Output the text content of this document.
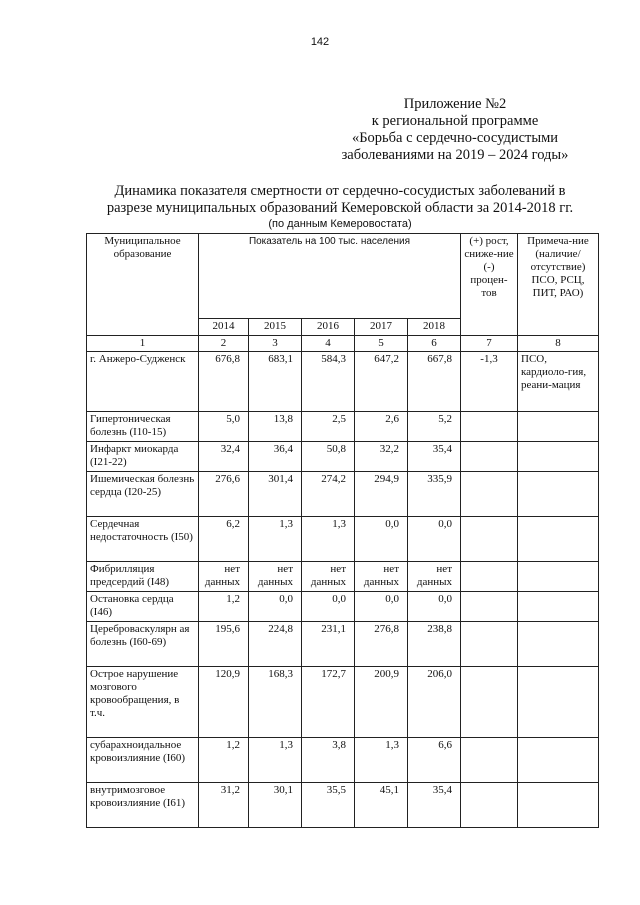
142
Приложение №2
к региональной программе
«Борьба с сердечно-сосудистыми
заболеваниями на 2019 – 2024 годы»
Динамика показателя смертности от сердечно-сосудистых заболеваний в
разрезе муниципальных образований Кемеровской области за 2014-2018 гг.
(по данным Кемеровостата)
Муниципальное образование	Показатель на 100 тыс. населения					(+) рост, сниже-ние (-) процен-тов	Примеча-ние (наличие/ отсутствие) ПСО, РСЦ, ПИТ, РАО)
	2014	2015	2016	2017	2018		
1	2	3	4	5	6	7	8
г. Анжеро-Судженск	676,8	683,1	584,3	647,2	667,8	-1,3	ПСО, кардиоло-гия, реани-мация
Гипертоническая болезнь (I10-15)	5,0	13,8	2,5	2,6	5,2		
Инфаркт миокарда (I21-22)	32,4	36,4	50,8	32,2	35,4		
Ишемическая болезнь сердца (I20-25)	276,6	301,4	274,2	294,9	335,9		
Сердечная недостаточность (I50)	6,2	1,3	1,3	0,0	0,0		
Фибрилляция предсердий (I48)	нет данных	нет данных	нет данных	нет данных	нет данных		
Остановка сердца (I46)	1,2	0,0	0,0	0,0	0,0		
Цереброваскулярн ая болезнь (I60-69)	195,6	224,8	231,1	276,8	238,8		
Острое нарушение мозгового кровообращения, в т.ч.	120,9	168,3	172,7	200,9	206,0		
субарахноидальное кровоизлияние (I60)	1,2	1,3	3,8	1,3	6,6		
внутримозговое кровоизлияние (I61)	31,2	30,1	35,5	45,1	35,4		
